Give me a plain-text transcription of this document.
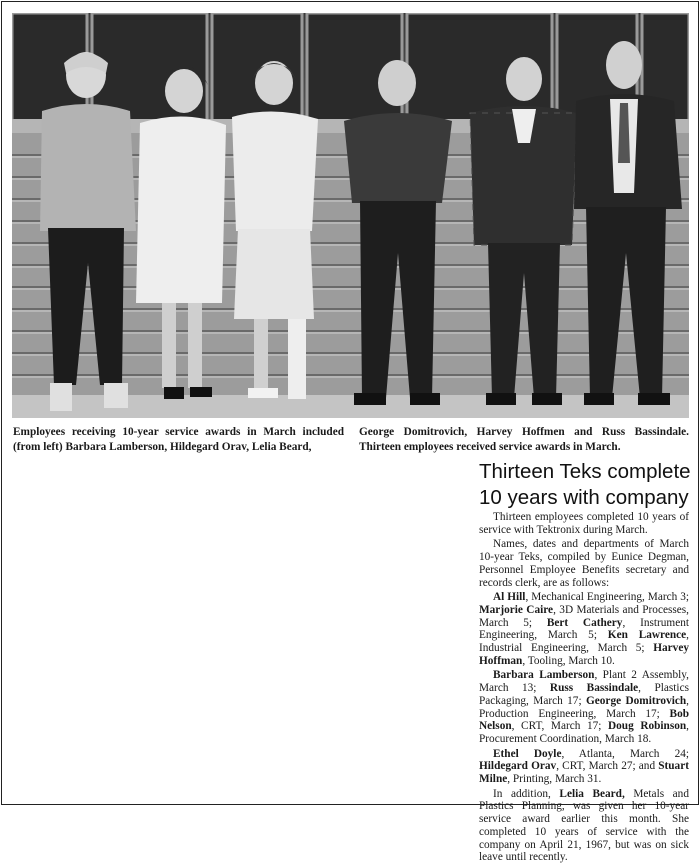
Employees receiving 10-year service awards in March included (from left) Barbara Lamberson, Hildegard Orav, Lelia Beard,
George Domitrovich, Harvey Hoffmen and Russ Bassindale. Thirteen employees received service awards in March.
Thirteen Teks complete
10 years with company

Thirteen employees completed 10 years of service with Tektronix during March.

Names, dates and departments of March 10-year Teks, compiled by Eunice Degman, Personnel Employee Benefits secretary and records clerk, are as follows:

Al Hill, Mechanical Engineering, March 3; Marjorie Caire, 3D Materials and Processes, March 5; Bert Cathery, Instrument Engineering, March 5; Ken Lawrence, Industrial Engineering, March 5; Harvey Hoffman, Tooling, March 10.

Barbara Lamberson, Plant 2 Assembly, March 13; Russ Bassindale, Plastics Packaging, March 17; George Domitrovich, Production Engineering, March 17; Bob Nelson, CRT, March 17; Doug Robinson, Procurement Coordination, March 18.

Ethel Doyle, Atlanta, March 24; Hildegard Orav, CRT, March 27; and Stuart Milne, Printing, March 31.

In addition, Lelia Beard, Metals and Plastics Planning, was given her 10-year service award earlier this month. She completed 10 years of service with the company on April 21, 1967, but was on sick leave until recently.
